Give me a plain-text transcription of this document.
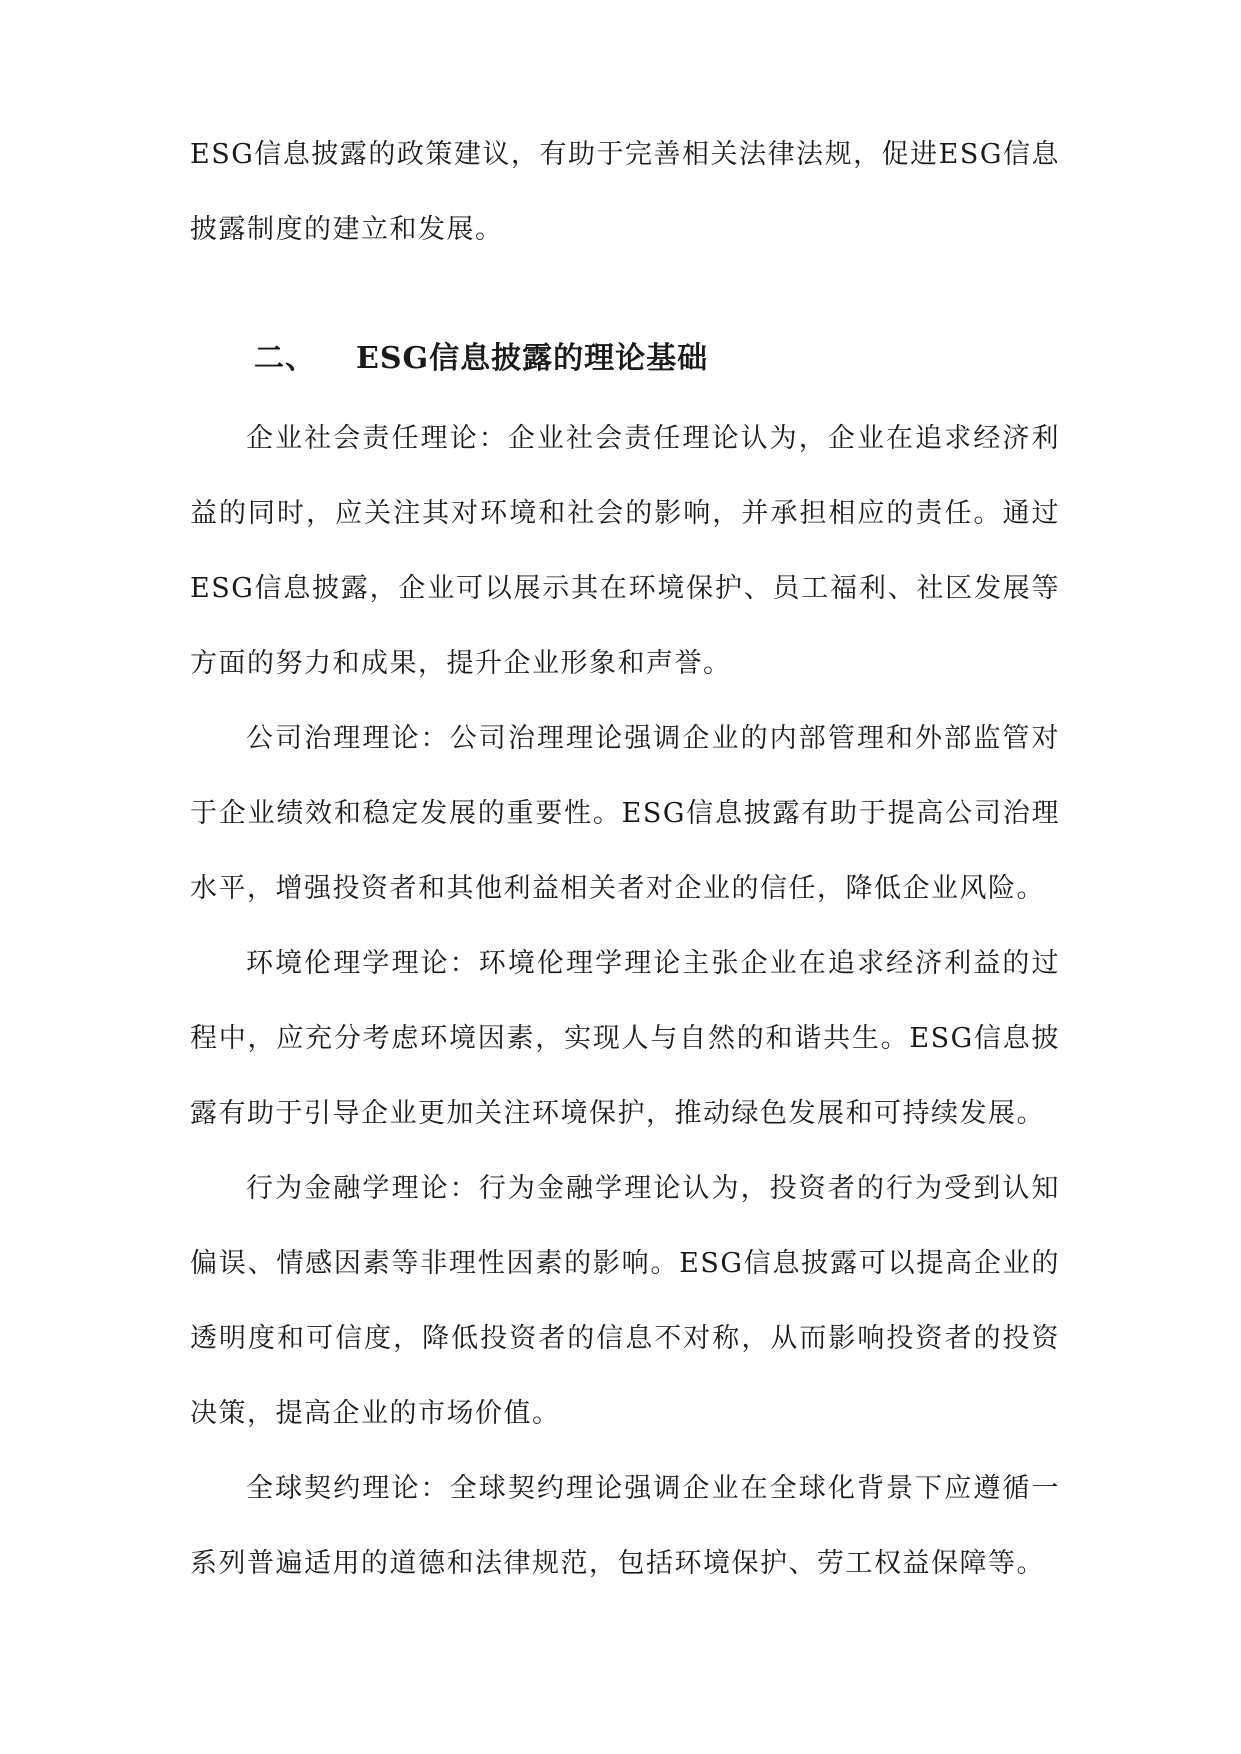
ESG信息披露的政策建议，有助于完善相关法律法规，促进ESG信息披露制度的建立和发展。

二、 ESG信息披露的理论基础

企业社会责任理论：企业社会责任理论认为，企业在追求经济利益的同时，应关注其对环境和社会的影响，并承担相应的责任。通过ESG信息披露，企业可以展示其在环境保护、员工福利、社区发展等方面的努力和成果，提升企业形象和声誉。

公司治理理论：公司治理理论强调企业的内部管理和外部监管对于企业绩效和稳定发展的重要性。ESG信息披露有助于提高公司治理水平，增强投资者和其他利益相关者对企业的信任，降低企业风险。

环境伦理学理论：环境伦理学理论主张企业在追求经济利益的过程中，应充分考虑环境因素，实现人与自然的和谐共生。ESG信息披露有助于引导企业更加关注环境保护，推动绿色发展和可持续发展。

行为金融学理论：行为金融学理论认为，投资者的行为受到认知偏误、情感因素等非理性因素的影响。ESG信息披露可以提高企业的透明度和可信度，降低投资者的信息不对称，从而影响投资者的投资决策，提高企业的市场价值。

全球契约理论：全球契约理论强调企业在全球化背景下应遵循一系列普遍适用的道德和法律规范，包括环境保护、劳工权益保障等。
